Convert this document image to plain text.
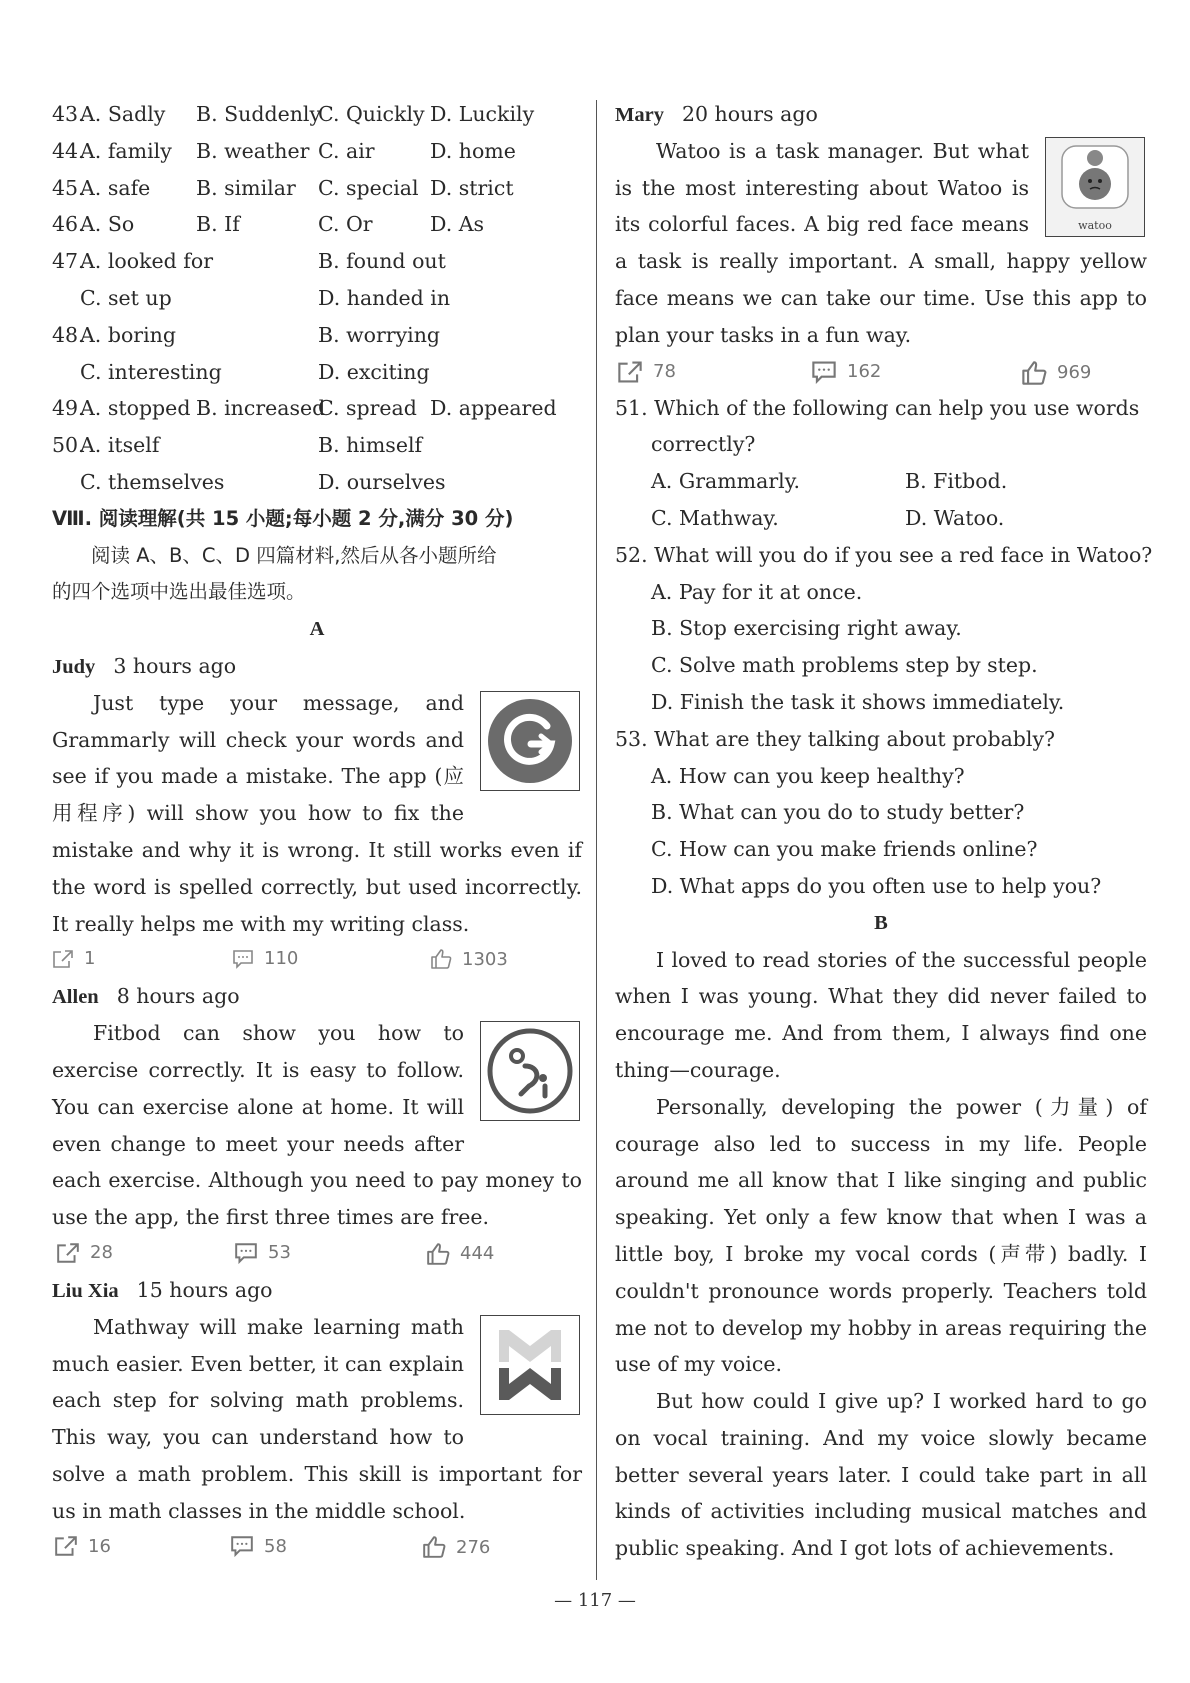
43.
A. Sadly B. Suddenly
C. Quickly D. Luckily
44.
A. family B. weather C. air	D. home
45.
A. safe B. similar C. special D. strict
46.
A. So	B. If	C. Or	D. As
47.
A. looked for	B. found out
C. set up	D. handed in
48.
A. boring	B. worrying
C. interesting	D. exciting
49.
A. stopped B. increased
C. spread D. appeared
50.
A. itself	B. himself
C. themselves	D. ourselves
Ⅷ. 阅读理解(共 15 小题;每小题 2 分,满分 30 分)
阅读 A、B、C、D 四篇材料,然后从各小题所给
的四个选项中选出最佳选项。
A
Judy 3 hours ago

Just type your message, and Grammarly will check your words and see if you made a mistake. The app (应用程序) will show you how to fix the mistake and why it is wrong. It still works even if the word is spelled correctly, but used incorrectly. It really helps me with my writing class.

1	110	1303
Allen 8 hours ago

Fitbod can show you how to exercise correctly. It is easy to follow. You can exercise alone at home. It will even change to meet your needs after each exercise. Although you need to pay money to use the app, the first three times are free.

28	53	444
Liu Xia 15 hours ago

Mathway will make learning math much easier. Even better, it can explain each step for solving math problems. This way, you can understand how to solve a math problem. This skill is important for us in math classes in the middle school.

16	58	276
Mary 20 hours ago
watoo

Watoo is a task manager. But what is the most interesting about Watoo is its colorful faces. A big red face means a task is really important. A small, happy yellow face means we can take our time. Use this app to plan your tasks in a fun way.

78	162	969
51. Which of the following can help you use words
correctly?
A. Grammarly.	B. Fitbod.
C. Mathway.	D. Watoo.
52. What will you do if you see a red face in Watoo?
A. Pay for it at once.
B. Stop exercising right away.
C. Solve math problems step by step.
D. Finish the task it shows immediately.
53. What are they talking about probably?
A. How can you keep healthy?
B. What can you do to study better?
C. How can you make friends online?
D. What apps do you often use to help you?
B

I loved to read stories of the successful people when I was young. What they did never failed to encourage me. And from them, I always find one thing—courage.

Personally, developing the power (力量) of courage also led to success in my life. People around me all know that I like singing and public speaking. Yet only a few know that when I was a little boy, I broke my vocal cords (声带) badly. I couldn't pronounce words properly. Teachers told me not to develop my hobby in areas requiring the use of my voice.

But how could I give up? I worked hard to go on vocal training. And my voice slowly became better several years later. I could take part in all kinds of activities including musical matches and public speaking. And I got lots of achievements.

— 117 —
